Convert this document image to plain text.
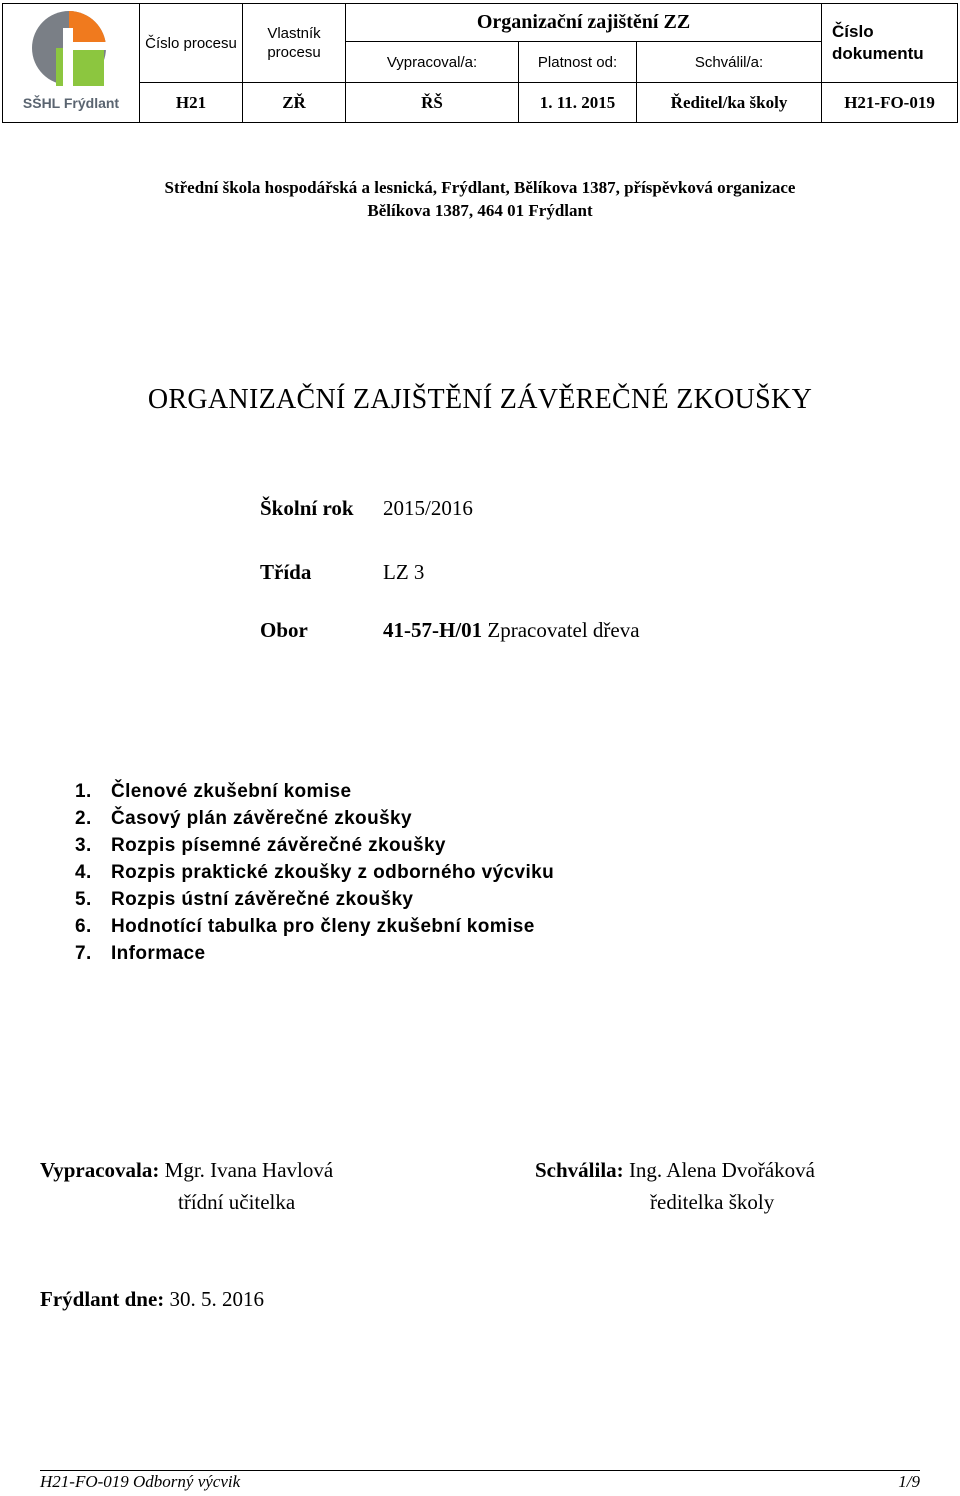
SŠHL Frýdlant	Číslo procesu	Vlastník procesu	Organizační zajištění ZZ			Číslo dokumentu
			Vypracoval/a:	Platnost od:	Schválil/a:	
	H21	ZŘ	ŘŠ	1. 11. 2015	Ředitel/ka školy	H21-FO-019
Střední škola hospodářská a lesnická, Frýdlant, Bělíkova 1387, příspěvková organizace
Bělíkova 1387, 464 01 Frýdlant
ORGANIZAČNÍ ZAJIŠTĚNÍ ZÁVĚREČNÉ ZKOUŠKY
Školní rok 2015/2016
Třída	LZ 3
Obor	41-57-H/01 Zpracovatel dřeva
1. Členové zkušební komise
2. Časový plán závěrečné zkoušky
3. Rozpis písemné závěrečné zkoušky
4. Rozpis praktické zkoušky z odborného výcviku
5. Rozpis ústní závěrečné zkoušky
6. Hodnotící tabulka pro členy zkušební komise
7. Informace
Vypracovala: Mgr. Ivana Havlová
třídní učitelka
Schválila: Ing. Alena Dvořáková
ředitelka školy
Frýdlant dne: 30. 5. 2016
H21-FO-019 Odborný výcvik	1/9
